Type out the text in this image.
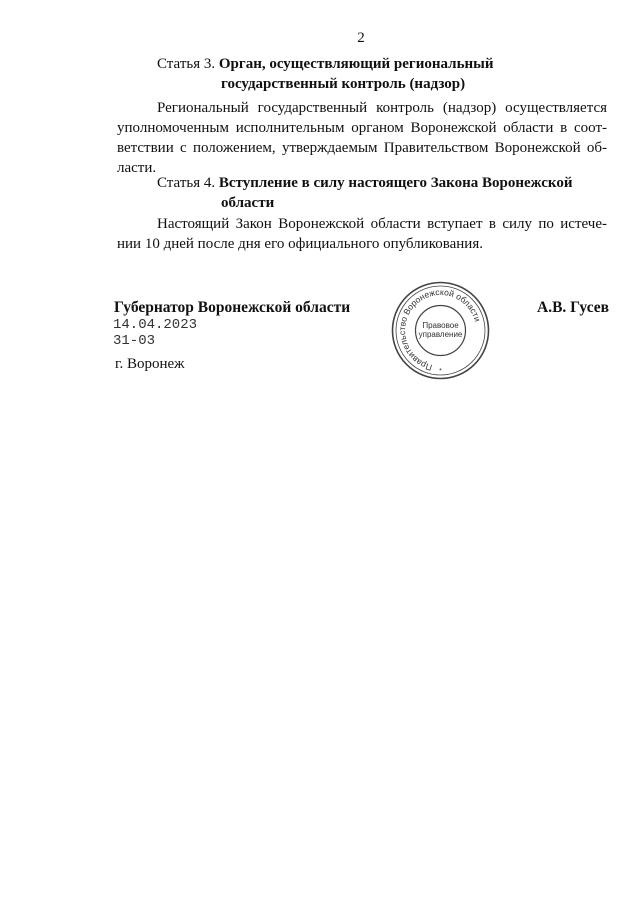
2
Статья 3. Орган, осуществляющий региональный
государственный контроль (надзор)
Региональный государственный контроль (надзор) осуществляется
уполномоченным исполнительным органом Воронежской области в соот-
ветствии с положением, утверждаемым Правительством Воронежской об-
ласти.
Статья 4. Вступление в силу настоящего Закона Воронежской
области
Настоящий Закон Воронежской области вступает в силу по истече-
нии 10 дней после дня его официального опубликования.
Губернатор Воронежской области	А.В. Гусев
14.04.2023
31-03
г. Воронеж	Правительство Воронежской области
Правовое
управление
*
